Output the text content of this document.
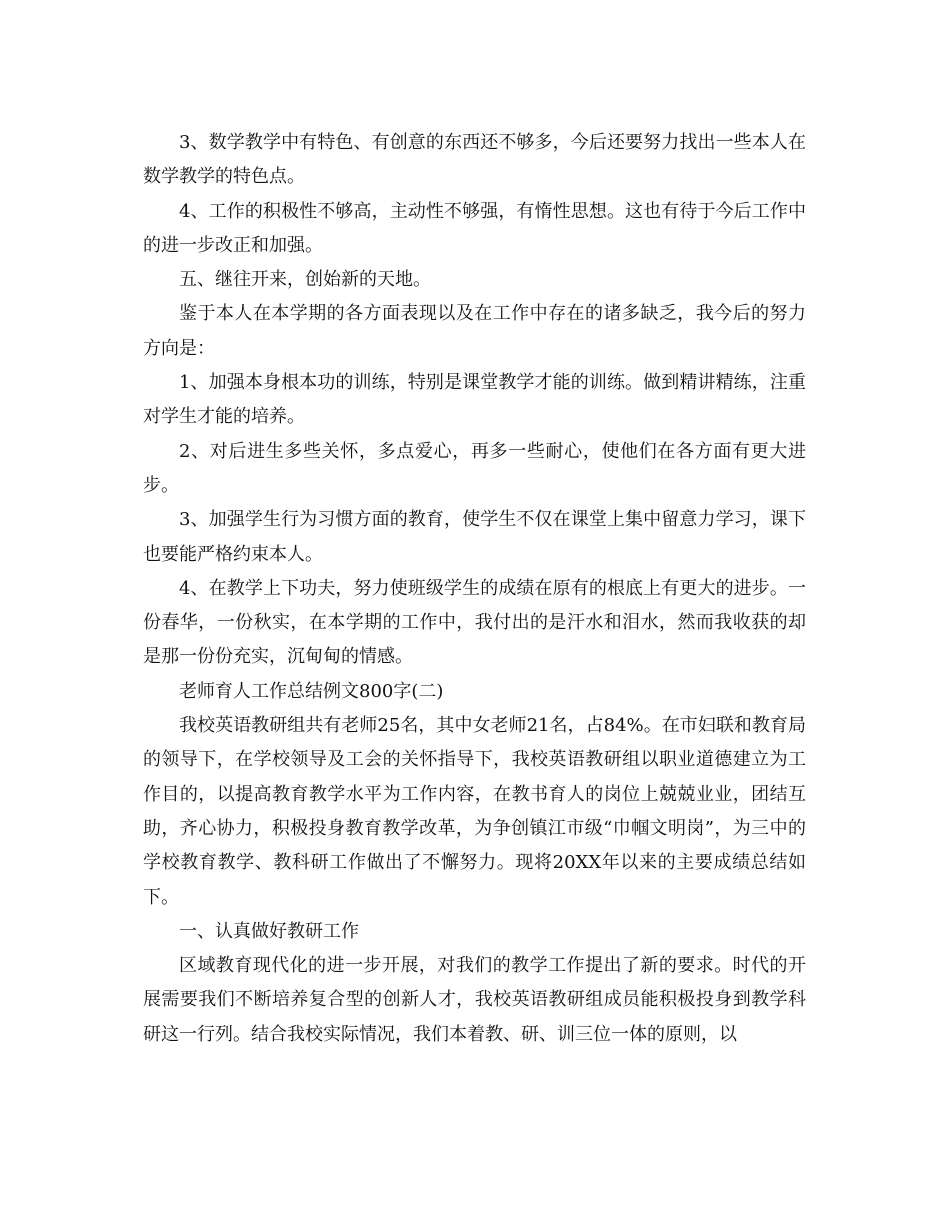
3、数学教学中有特色、有创意的东西还不够多，今后还要努力找出一些本人在数学教学的特色点。

4、工作的积极性不够高，主动性不够强，有惰性思想。这也有待于今后工作中的进一步改正和加强。

五、继往开来，创始新的天地。

鉴于本人在本学期的各方面表现以及在工作中存在的诸多缺乏，我今后的努力方向是：

1、加强本身根本功的训练，特别是课堂教学才能的训练。做到精讲精练，注重对学生才能的培养。

2、对后进生多些关怀，多点爱心，再多一些耐心，使他们在各方面有更大进步。

3、加强学生行为习惯方面的教育，使学生不仅在课堂上集中留意力学习，课下也要能严格约束本人。

4、在教学上下功夫，努力使班级学生的成绩在原有的根底上有更大的进步。一份春华，一份秋实，在本学期的工作中，我付出的是汗水和泪水，然而我收获的却是那一份份充实，沉甸甸的情感。

老师育人工作总结例文800字(二)

我校英语教研组共有老师25名，其中女老师21名，占84%。在市妇联和教育局的领导下，在学校领导及工会的关怀指导下，我校英语教研组以职业道德建立为工作目的，以提高教育教学水平为工作内容，在教书育人的岗位上兢兢业业，团结互助，齐心协力，积极投身教育教学改革，为争创镇江市级“巾帼文明岗”，为三中的学校教育教学、教科研工作做出了不懈努力。现将20XX年以来的主要成绩总结如下。

一、认真做好教研工作

区域教育现代化的进一步开展，对我们的教学工作提出了新的要求。时代的开展需要我们不断培养复合型的创新人才，我校英语教研组成员能积极投身到教学科研这一行列。结合我校实际情况，我们本着教、研、训三位一体的原则，以
